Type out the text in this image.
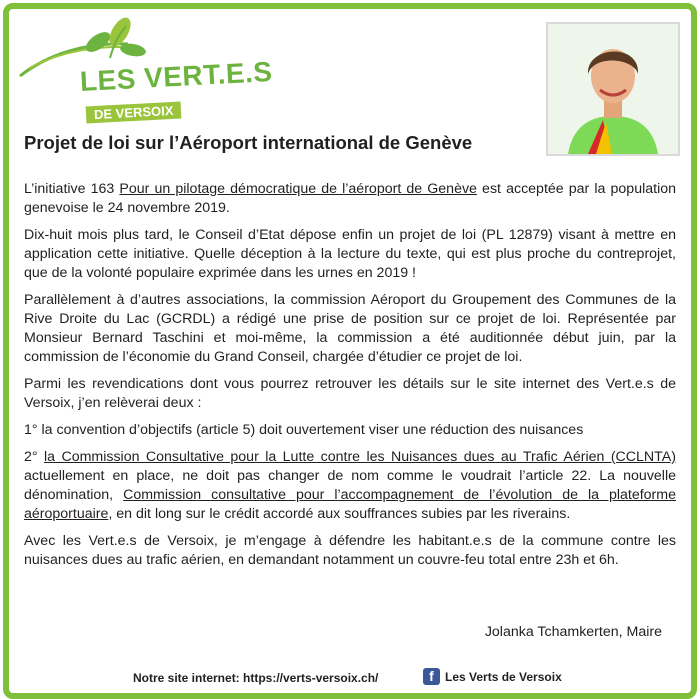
LES VERT.E.S
DE VERSOIX
Projet de loi sur l’Aéroport international de Genève

L’initiative 163 Pour un pilotage démocratique de l’aéroport de Genève est acceptée par la population genevoise le 24 novembre 2019.

Dix-huit mois plus tard, le Conseil d’Etat dépose enfin un projet de loi (PL 12879) visant à mettre en application cette initiative. Quelle déception à la lecture du texte, qui est plus proche du contreprojet, que de la volonté populaire exprimée dans les urnes en 2019 !

Parallèlement à d’autres associations, la commission Aéroport du Groupement des Communes de la Rive Droite du Lac (GCRDL) a rédigé une prise de position sur ce projet de loi. Représentée par Monsieur Bernard Taschini et moi-même, la commission a été auditionnée début juin, par la commission de l’économie du Grand Conseil, chargée d’étudier ce projet de loi.

Parmi les revendications dont vous pourrez retrouver les détails sur le site internet des Vert.e.s de Versoix, j’en relèverai deux :

1° la convention d’objectifs (article 5) doit ouvertement viser une réduction des nuisances

2° la Commission Consultative pour la Lutte contre les Nuisances dues au Trafic Aérien (CCLNTA) actuellement en place, ne doit pas changer de nom comme le voudrait l’article 22. La nouvelle dénomination, Commission consultative pour l’accompagnement de l’évolution de la plateforme aéroportuaire, en dit long sur le crédit accordé aux souffrances subies par les riverains.

Avec les Vert.e.s de Versoix, je m’engage à défendre les habitant.e.s de la commune contre les nuisances dues au trafic aérien, en demandant notamment un couvre-feu total entre 23h et 6h.

Jolanka Tchamkerten, Maire
Notre site internet: https://verts-versoix.ch/	f Les Verts de Versoix
